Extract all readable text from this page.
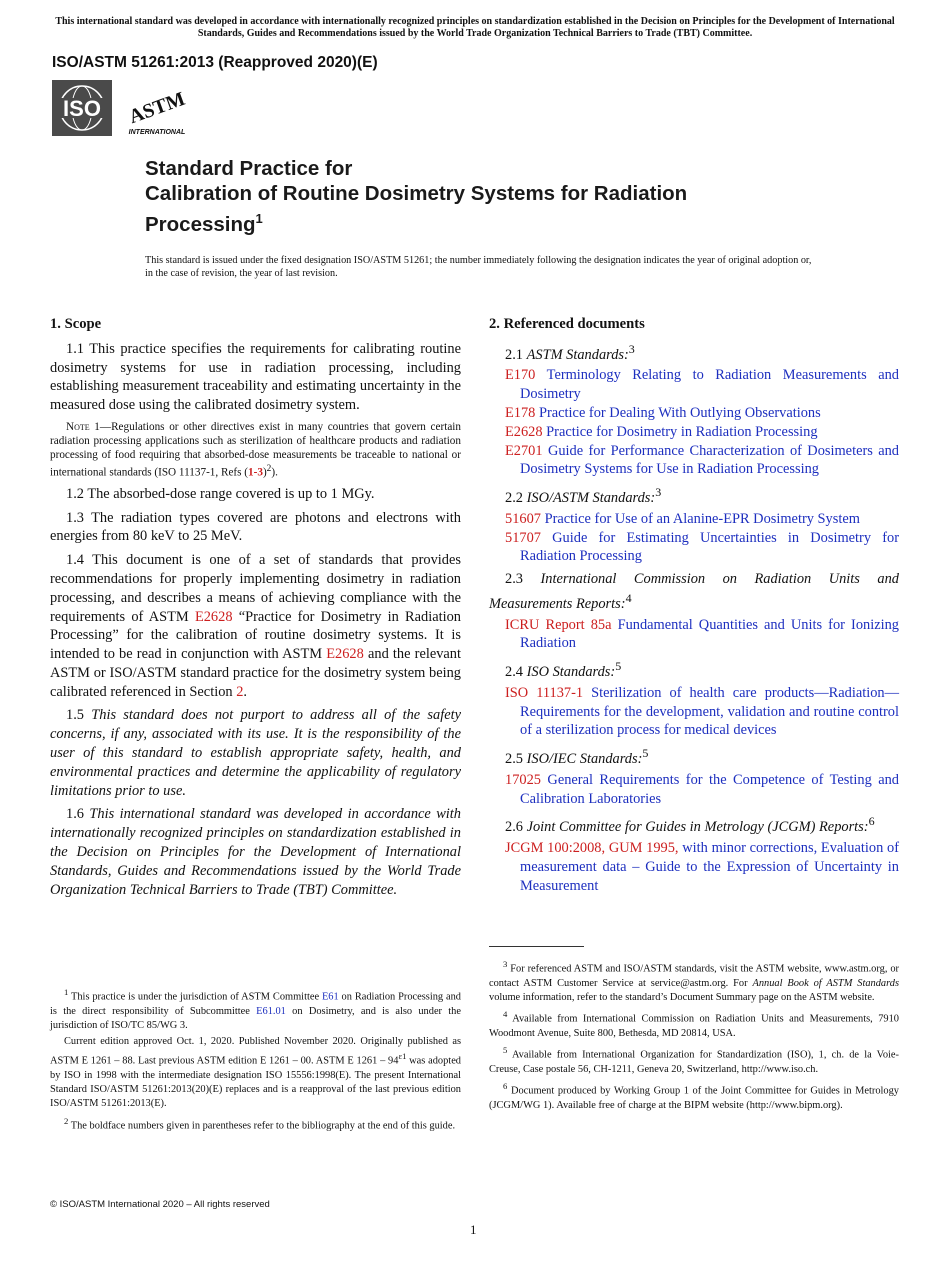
This international standard was developed in accordance with internationally recognized principles on standardization established in the Decision on Principles for the Development of International Standards, Guides and Recommendations issued by the World Trade Organization Technical Barriers to Trade (TBT) Committee.
ISO/ASTM 51261:2013 (Reapproved 2020)(E)
ISO ASTM
INTERNATIONAL
Standard Practice for
Calibration of Routine Dosimetry Systems for Radiation
Processing$^1$
This standard is issued under the fixed designation ISO/ASTM 51261; the number immediately following the designation indicates the year of original adoption or, in the case of revision, the year of last revision.
1. Scope

1.1 This practice specifies the requirements for calibrating routine dosimetry systems for use in radiation processing, including establishing measurement traceability and estimating uncertainty in the measured dose using the calibrated dosimetry system.

Note 1—Regulations or other directives exist in many countries that govern certain radiation processing applications such as sterilization of healthcare products and radiation processing of food requiring that absorbed-dose measurements be traceable to national or international standards (ISO 11137-1, Refs $(1-3)^2$).

1.2 The absorbed-dose range covered is up to 1 MGy.

1.3 The radiation types covered are photons and electrons with energies from 80 keV to 25 MeV.

1.4 This document is one of a set of standards that provides recommendations for properly implementing dosimetry in radiation processing, and describes a means of achieving compliance with the requirements of ASTM E2628 “Practice for Dosimetry in Radiation Processing” for the calibration of routine dosimetry systems. It is intended to be read in conjunction with ASTM E2628 and the relevant ASTM or ISO/ASTM standard practice for the dosimetry system being calibrated referenced in Section 2.

1.5 This standard does not purport to address all of the safety concerns, if any, associated with its use. It is the responsibility of the user of this standard to establish appropriate safety, health, and environmental practices and determine the applicability of regulatory limitations prior to use.

1.6 This international standard was developed in accordance with internationally recognized principles on standardization established in the Decision on Principles for the Development of International Standards, Guides and Recommendations issued by the World Trade Organization Technical Barriers to Trade (TBT) Committee.

$^1$ This practice is under the jurisdiction of ASTM Committee E61 on Radiation Processing and is the direct responsibility of Subcommittee E61.01 on Dosimetry, and is also under the jurisdiction of ISO/TC 85/WG 3.

Current edition approved Oct. 1, 2020. Published November 2020. Originally published as ASTM E 1261 – 88. Last previous ASTM edition E 1261 – 00. ASTM E $1261 - 94^{\varepsilon 1}$ was adopted by ISO in 1998 with the intermediate designation ISO 15556:1998(E). The present International Standard ISO/ASTM 51261:2013(20)(E) replaces and is a reapproval of the last previous edition ISO/ASTM 51261:2013(E).

$^2$ The boldface numbers given in parentheses refer to the bibliography at the end of this guide.

2. Referenced documents

2.1 ASTM Standards:$^3$

E170 Terminology Relating to Radiation Measurements and Dosimetry

E178 Practice for Dealing With Outlying Observations

E2628 Practice for Dosimetry in Radiation Processing

E2701 Guide for Performance Characterization of Dosimeters and Dosimetry Systems for Use in Radiation Processing

2.2 ISO/ASTM Standards:$^3$

51607 Practice for Use of an Alanine-EPR Dosimetry System

51707 Guide for Estimating Uncertainties in Dosimetry for Radiation Processing

2.3 International Commission on Radiation Units and Measurements Reports:$^4$

ICRU Report 85a Fundamental Quantities and Units for Ionizing Radiation

2.4 ISO Standards:$^5$

ISO 11137-1 Sterilization of health care products—Radiation—Requirements for the development, validation and routine control of a sterilization process for medical devices

2.5 ISO/IEC Standards:$^5$

17025 General Requirements for the Competence of Testing and Calibration Laboratories

2.6 Joint Committee for Guides in Metrology (JCGM) Reports:$^6$

JCGM 100:2008, GUM 1995, with minor corrections, Evaluation of measurement data – Guide to the Expression of Uncertainty in Measurement

$^3$ For referenced ASTM and ISO/ASTM standards, visit the ASTM website, www.astm.org, or contact ASTM Customer Service at service@astm.org. For Annual Book of ASTM Standards volume information, refer to the standard’s Document Summary page on the ASTM website.

$^4$ Available from International Commission on Radiation Units and Measurements, 7910 Woodmont Avenue, Suite 800, Bethesda, MD 20814, USA.

$^5$ Available from International Organization for Standardization (ISO), 1, ch. de la Voie-Creuse, Case postale 56, CH-1211, Geneva 20, Switzerland, http://www.iso.ch.

$^6$ Document produced by Working Group 1 of the Joint Committee for Guides in Metrology (JCGM/WG 1). Available free of charge at the BIPM website (http://www.bipm.org).

© ISO/ASTM International 2020 – All rights reserved
1
